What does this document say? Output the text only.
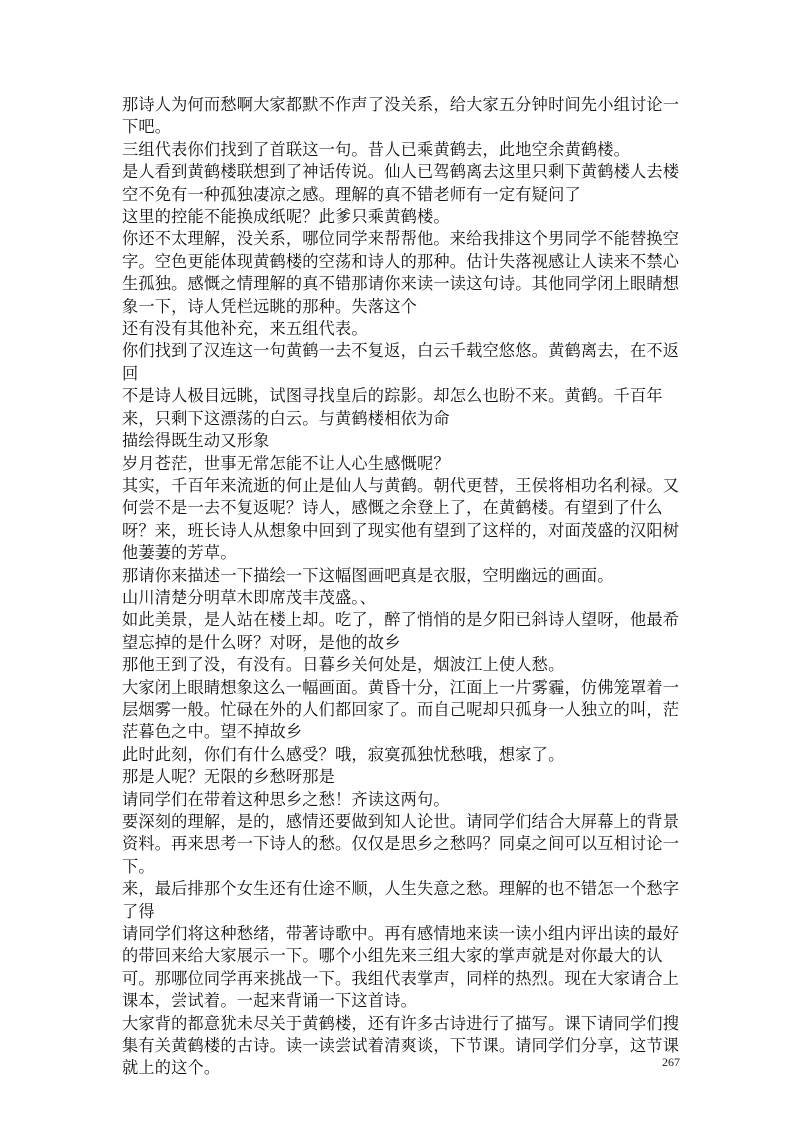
那诗人为何而愁啊大家都默不作声了没关系，给大家五分钟时间先小组讨论一下吧。

三组代表你们找到了首联这一句。昔人已乘黄鹤去，此地空余黄鹤楼。

是人看到黄鹤楼联想到了神话传说。仙人已驾鹤离去这里只剩下黄鹤楼人去楼空不免有一种孤独凄凉之感。理解的真不错老师有一定有疑问了

这里的控能不能换成纸呢？此爹只乘黄鹤楼。

你还不太理解，没关系，哪位同学来帮帮他。来给我排这个男同学不能替换空字。空色更能体现黄鹤楼的空荡和诗人的那种。估计失落视感让人读来不禁心生孤独。感慨之情理解的真不错那请你来读一读这句诗。其他同学闭上眼睛想象一下，诗人凭栏远眺的那种。失落这个

还有没有其他补充，来五组代表。

你们找到了汉连这一句黄鹤一去不复返，白云千载空悠悠。黄鹤离去，在不返回

不是诗人极目远眺，试图寻找皇后的踪影。却怎么也盼不来。黄鹤。千百年来，只剩下这漂荡的白云。与黄鹤楼相依为命

描绘得既生动又形象

岁月苍茫，世事无常怎能不让人心生感慨呢？

其实，千百年来流逝的何止是仙人与黄鹤。朝代更替，王侯将相功名利禄。又何尝不是一去不复返呢？诗人，感慨之余登上了，在黄鹤楼。有望到了什么呀？来，班长诗人从想象中回到了现实他有望到了这样的，对面茂盛的汉阳树他萋萋的芳草。

那请你来描述一下描绘一下这幅图画吧真是衣服，空明幽远的画面。

山川清楚分明草木即席茂丰茂盛。、

如此美景，是人站在楼上却。吃了，醉了悄悄的是夕阳已斜诗人望呀，他最希望忘掉的是什么呀？对呀，是他的故乡

那他王到了没，有没有。日暮乡关何处是，烟波江上使人愁。

大家闭上眼睛想象这么一幅画面。黄昏十分，江面上一片雾霾，仿佛笼罩着一层烟雾一般。忙碌在外的人们都回家了。而自己呢却只孤身一人独立的叫，茫茫暮色之中。望不掉故乡

此时此刻，你们有什么感受？哦，寂寞孤独忧愁哦，想家了。

那是人呢？无限的乡愁呀那是

请同学们在带着这种思乡之愁！齐读这两句。

要深刻的理解，是的，感情还要做到知人论世。请同学们结合大屏幕上的背景资料。再来思考一下诗人的愁。仅仅是思乡之愁吗？同桌之间可以互相讨论一下。

来，最后排那个女生还有仕途不顺，人生失意之愁。理解的也不错怎一个愁字了得

请同学们将这种愁绪，带著诗歌中。再有感情地来读一读小组内评出读的最好的带回来给大家展示一下。哪个小组先来三组大家的掌声就是对你最大的认可。那哪位同学再来挑战一下。我组代表掌声，同样的热烈。现在大家请合上课本，尝试着。一起来背诵一下这首诗。

大家背的都意犹未尽关于黄鹤楼，还有许多古诗进行了描写。课下请同学们搜集有关黄鹤楼的古诗。读一读尝试着清爽谈，下节课。请同学们分享，这节课就上的这个。	267
